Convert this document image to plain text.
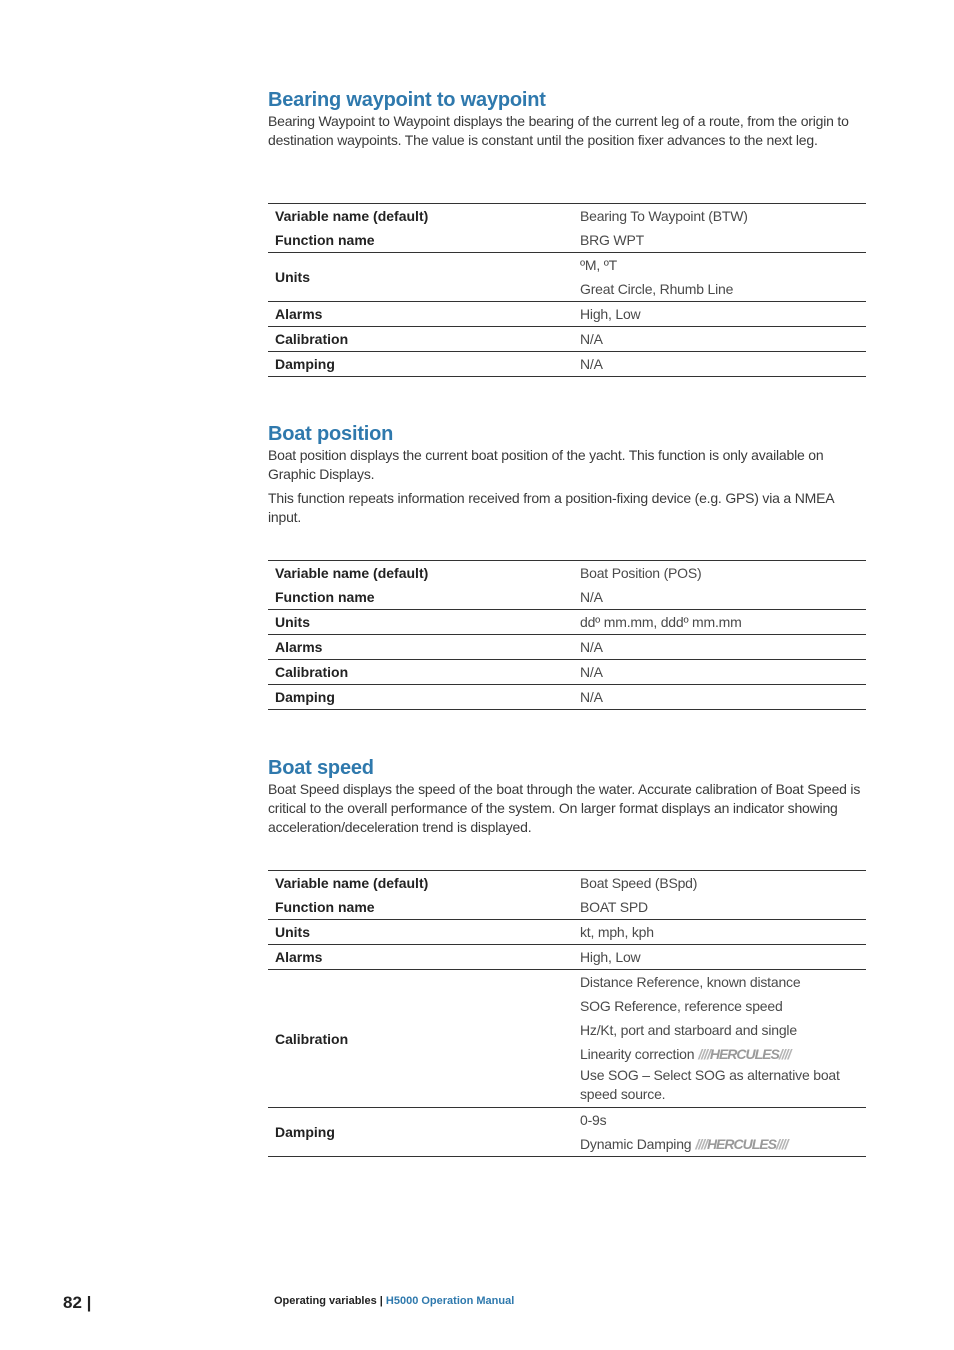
Bearing waypoint to waypoint

Bearing Waypoint to Waypoint displays the bearing of the current leg of a route, from the origin to destination waypoints. The value is constant until the position fixer advances to the next leg.

Variable name (default)	Bearing To Waypoint (BTW)
Function name	BRG WPT
Units	ºM, ºT
Great Circle, Rhumb Line

Alarms	High, Low
Calibration	N/A
Damping	N/A
Boat position

Boat position displays the current boat position of the yacht. This function is only available on Graphic Displays.

This function repeats information received from a position-fixing device (e.g. GPS) via a NMEA input.

Variable name (default)	Boat Position (POS)
Function name	N/A
Units	ddº mm.mm, dddº mm.mm
Alarms	N/A
Calibration	N/A
Damping	N/A
Boat speed

Boat Speed displays the speed of the boat through the water. Accurate calibration of Boat Speed is critical to the overall performance of the system. On larger format displays an indicator showing acceleration/deceleration trend is displayed.

Variable name (default)	Boat Speed (BSpd)
Function name	BOAT SPD
Units	kt, mph, kph
Alarms	High, Low
Calibration	Distance Reference, known distance
SOG Reference, reference speed
Hz/Kt, port and starboard and single
Linearity correction ////HERCULES////
Use SOG – Select SOG as alternative boat speed source.

Damping	0-9s
Dynamic Damping ////HERCULES////
82 |	Operating variables | H5000 Operation Manual
